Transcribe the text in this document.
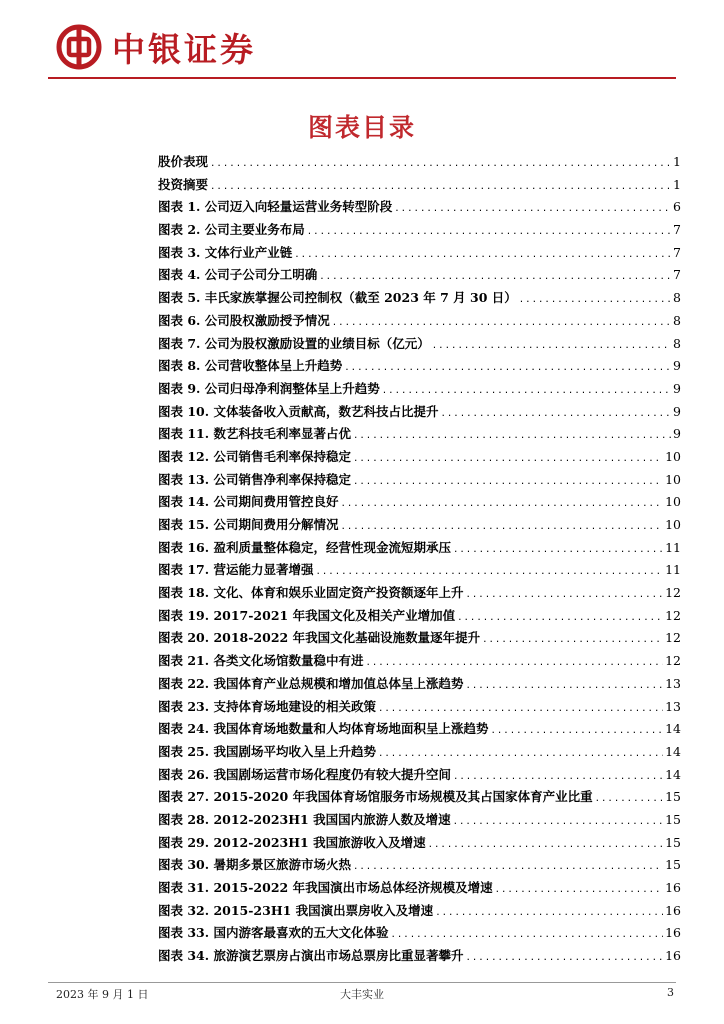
中银证券
图表目录
股价表现 .....	1
投资摘要 .....	1
图表 1. 公司迈入向轻量运营业务转型阶段 .....	6
图表 2. 公司主要业务布局 .....	7
图表 3. 文体行业产业链 .....	7
图表 4. 公司子公司分工明确 .....	7
图表 5. 丰氏家族掌握公司控制权（截至 2023 年 7 月 30 日） .....	8
图表 6. 公司股权激励授予情况 .....	8
图表 7. 公司为股权激励设置的业绩目标（亿元） .....	8
图表 8. 公司营收整体呈上升趋势 .....	9
图表 9. 公司归母净利润整体呈上升趋势 .....	9
图表 10. 文体装备收入贡献高，数艺科技占比提升 .....	9
图表 11. 数艺科技毛利率显著占优 .....	9
图表 12. 公司销售毛利率保持稳定 .....	10
图表 13. 公司销售净利率保持稳定 .....	10
图表 14. 公司期间费用管控良好 .....	10
图表 15. 公司期间费用分解情况 .....	10
图表 16. 盈利质量整体稳定，经营性现金流短期承压 .....	11
图表 17. 营运能力显著增强 .....	11
图表 18. 文化、体育和娱乐业固定资产投资额逐年上升 .....	12
图表 19. 2017-2021 年我国文化及相关产业增加值 .....	12
图表 20. 2018-2022 年我国文化基础设施数量逐年提升 .....	12
图表 21. 各类文化场馆数量稳中有进 .....	12
图表 22. 我国体育产业总规模和增加值总体呈上涨趋势 .....	13
图表 23. 支持体育场地建设的相关政策 .....	13
图表 24. 我国体育场地数量和人均体育场地面积呈上涨趋势 .....	14
图表 25. 我国剧场平均收入呈上升趋势 .....	14
图表 26. 我国剧场运营市场化程度仍有较大提升空间 .....	14
图表 27. 2015-2020 年我国体育场馆服务市场规模及其占国家体育产业比重 .....	15
图表 28. 2012-2023H1 我国国内旅游人数及增速 .....	15
图表 29. 2012-2023H1 我国旅游收入及增速 .....	15
图表 30. 暑期多景区旅游市场火热 .....	15
图表 31. 2015-2022 年我国演出市场总体经济规模及增速 .....	16
图表 32. 2015-23H1 我国演出票房收入及增速 .....	16
图表 33. 国内游客最喜欢的五大文化体验 .....	16
图表 34. 旅游演艺票房占演出市场总票房比重显著攀升 .....	16
2023 年 9 月 1 日	大丰实业	3
